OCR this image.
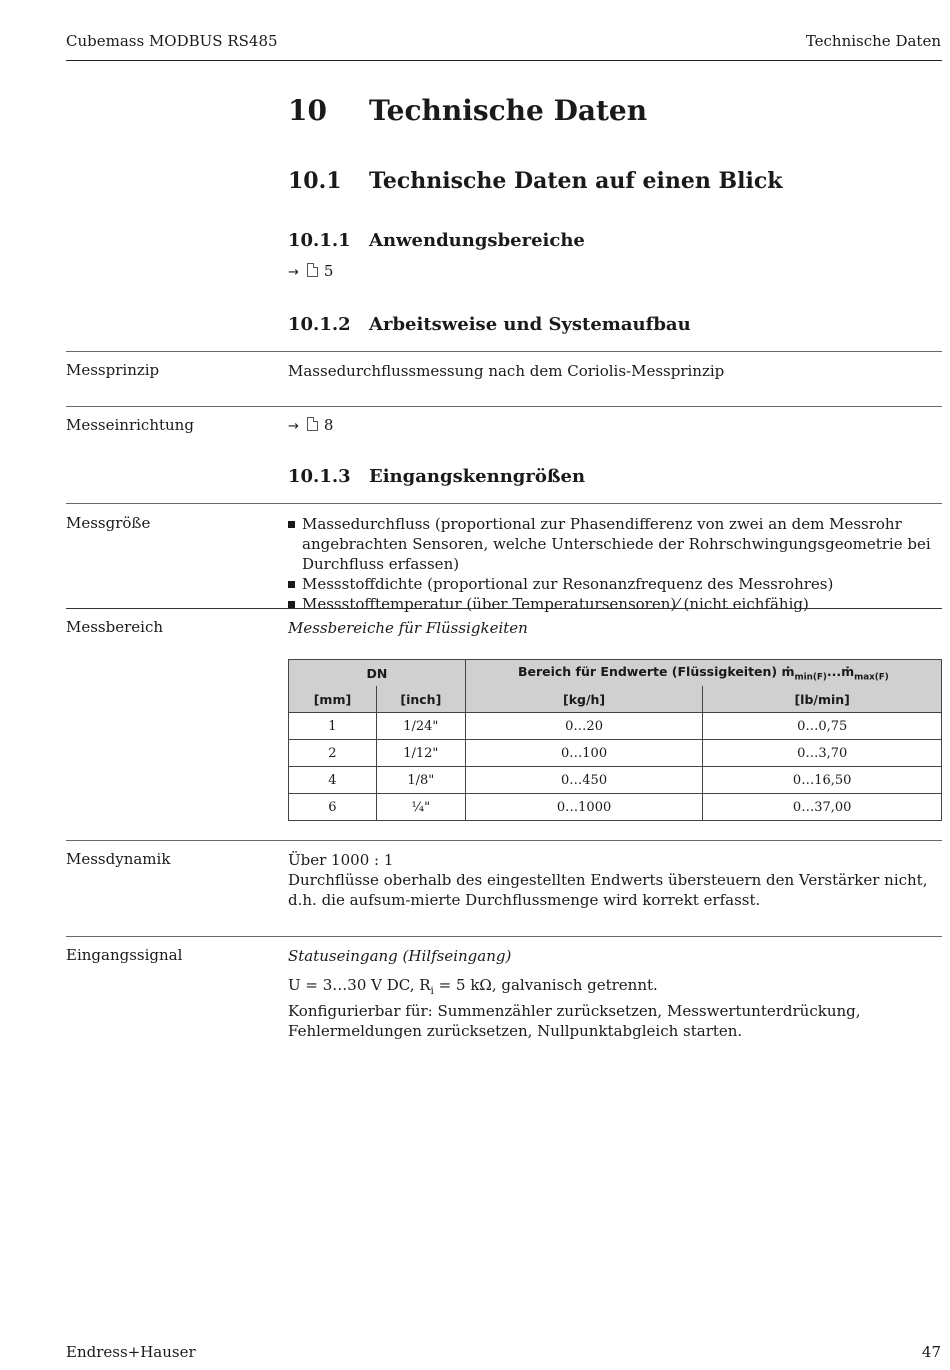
Cubemass MODBUS RS485	Technische Daten
10 Technische Daten
10.1 Technische Daten auf einen Blick
10.1.1 Anwendungsbereiche
→ 5
10.1.2 Arbeitsweise und Systemaufbau
Messprinzip	Massedurchflussmessung nach dem Coriolis-Messprinzip
Messeinrichtung	→ 8
10.1.3 Eingangskenngrößen
Messgröße	Massedurchfluss (proportional zur Phasendifferenz von zwei an dem Messrohr angebrachten Sensoren, welche Unterschiede der Rohrschwingungsgeometrie bei Durchfluss erfassen)
Messstoffdichte (proportional zur Resonanzfrequenz des Messrohres)
Messstofftemperatur (über Temperatursensoren)⁄ (nicht eichfähig)
Messbereich	Messbereiche für Flüssigkeiten
DN		Bereich für Endwerte (Flüssigkeiten) ṁ$_{min(F)}$...ṁ$_{max(F)}$
[mm]	[inch]	[kg/h]	[lb/min]
1	1/24"	0…20	0…0,75
2	1/12"	0…100	0…3,70
4	1/8"	0…450	0…16,50
6	¼"	0…1000	0…37,00
Messdynamik	Über 1000 : 1
Durchflüsse oberhalb des eingestellten Endwerts übersteuern den Verstärker nicht, d.h. die aufsum-mierte Durchflussmenge wird korrekt erfasst.
Eingangssignal	Statuseingang (Hilfseingang)
U = 3…30 V DC, $R_i = 5$ kΩ, galvanisch getrennt.
Konfigurierbar für: Summenzähler zurücksetzen, Messwertunterdrückung, Fehlermeldungen zurücksetzen, Nullpunktabgleich starten.
Endress+Hauser	47
